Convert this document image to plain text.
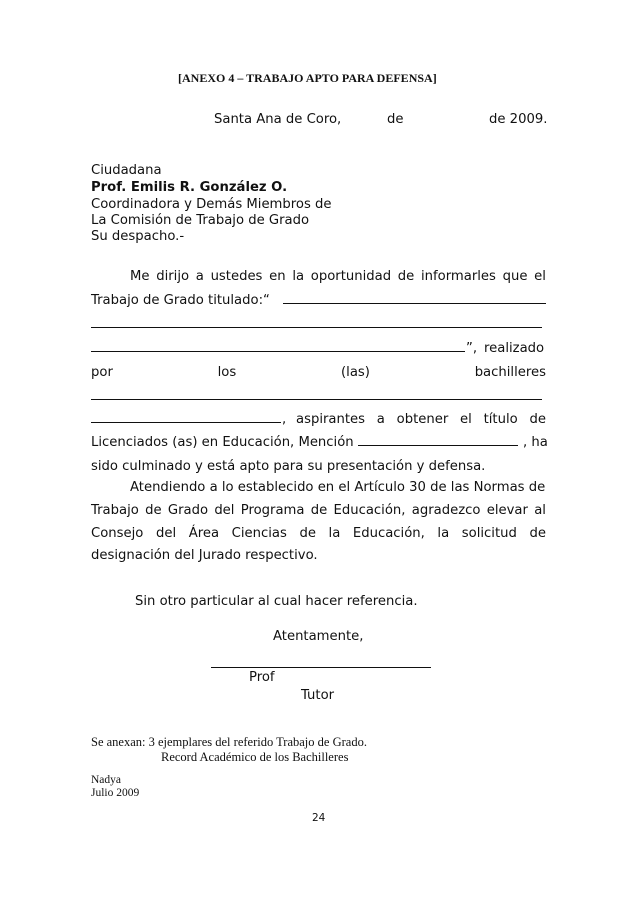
[ANEXO 4 – TRABAJO APTO PARA DEFENSA]
Santa Ana de Coro,	de	de 2009.
Ciudadana
Prof. Emilis R. González O.
Coordinadora y Demás Miembros de
La Comisión de Trabajo de Grado
Su despacho.-
Me dirijo a ustedes en la oportunidad de informarles que el
Trabajo de Grado titulado:“
”, realizado
por	los	(las)	bachilleres
, aspirantes a obtener el título de
Licenciados (as) en Educación, Mención	, ha
sido culminado y está apto para su presentación y defensa.
Atendiendo a lo establecido en el Artículo 30 de las Normas de
Trabajo de Grado del Programa de Educación, agradezco elevar al
Consejo del Área Ciencias de la Educación, la solicitud de
designación del Jurado respectivo.
Sin otro particular al cual hacer referencia.
Atentamente,
Prof
Tutor
Se anexan: 3 ejemplares del referido Trabajo de Grado.
Record Académico de los Bachilleres
Nadya
Julio 2009
24
